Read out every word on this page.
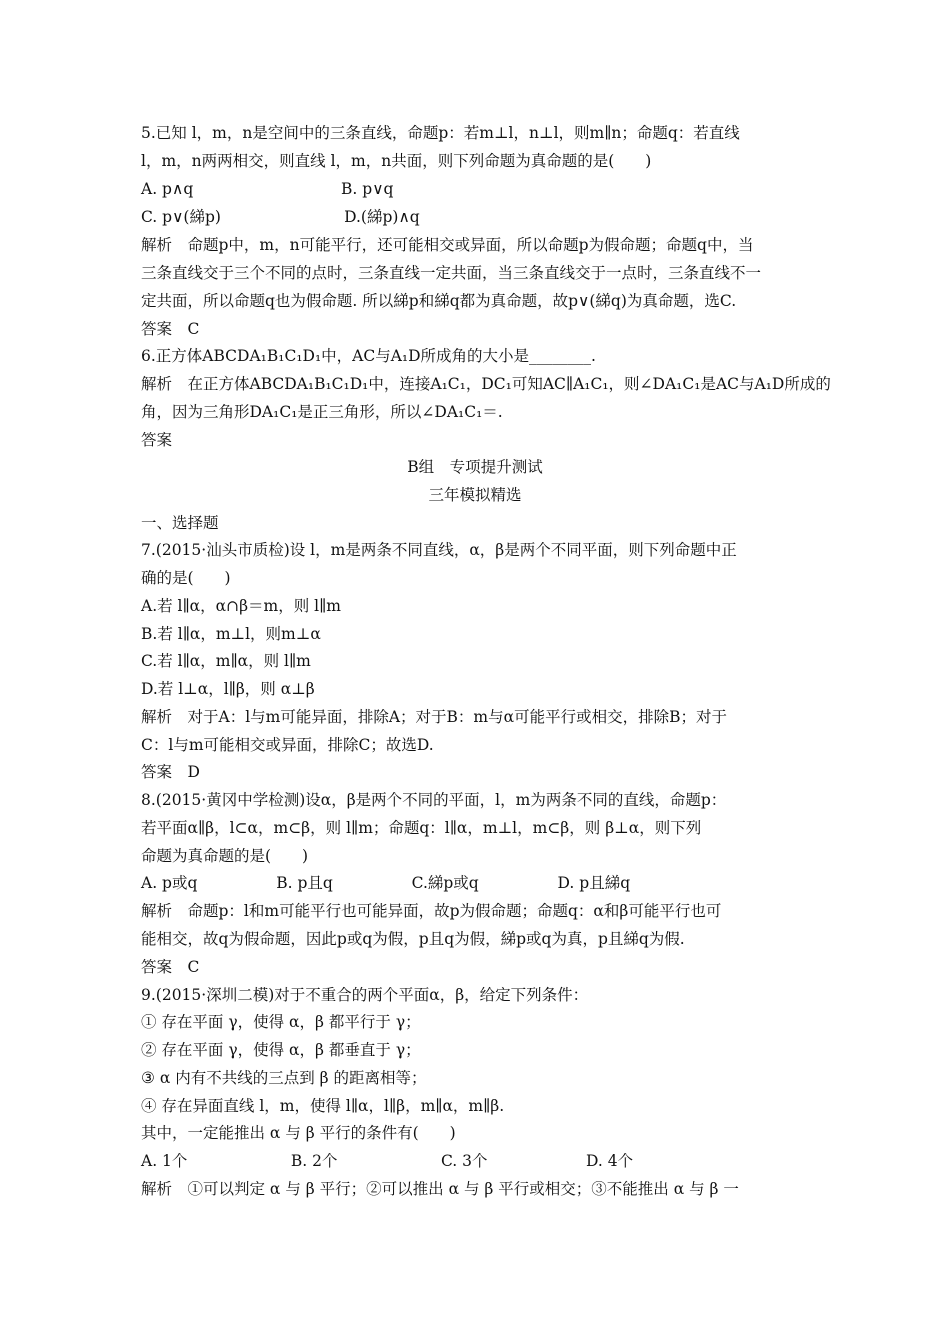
5.已知 l，m，n是空间中的三条直线，命题p：若m⊥l，n⊥l，则m∥n；命题q：若直线
l，m，n两两相交，则直线 l，m，n共面，则下列命题为真命题的是(　　)
A. p∧q                              B. p∨q
C. p∨(綈p)                         D.(綈p)∧q
解析　命题p中，m，n可能平行，还可能相交或异面，所以命题p为假命题；命题q中，当
三条直线交于三个不同的点时，三条直线一定共面，当三条直线交于一点时，三条直线不一
定共面，所以命题q也为假命题. 所以綈p和綈q都为真命题，故p∨(綈q)为真命题，选C.
答案　C
6.正方体ABCDA₁B₁C₁D₁中，AC与A₁D所成角的大小是________.
解析　在正方体ABCDA₁B₁C₁D₁中，连接A₁C₁，DC₁可知AC∥A₁C₁，则∠DA₁C₁是AC与A₁D所成的
角，因为三角形DA₁C₁是正三角形，所以∠DA₁C₁＝.
答案
B组　专项提升测试
三年模拟精选
一、选择题
7.(2015·汕头市质检)设 l，m是两条不同直线，α，β是两个不同平面，则下列命题中正
确的是(　　)
A.若 l∥α，α∩β＝m，则 l∥m
B.若 l∥α，m⊥l，则m⊥α
C.若 l∥α，m∥α，则 l∥m
D.若 l⊥α，l∥β，则 α⊥β
解析　对于A：l与m可能异面，排除A；对于B：m与α可能平行或相交，排除B；对于
C：l与m可能相交或异面，排除C；故选D.
答案　D
8.(2015·黄冈中学检测)设α，β是两个不同的平面，l，m为两条不同的直线，命题p：
若平面α∥β，l⊂α，m⊂β，则 l∥m；命题q：l∥α，m⊥l，m⊂β，则 β⊥α，则下列
命题为真命题的是(　　)
A. p或q                B. p且q                C.綈p或q                D. p且綈q
解析　命题p：l和m可能平行也可能异面，故p为假命题；命题q：α和β可能平行也可
能相交，故q为假命题，因此p或q为假，p且q为假，綈p或q为真，p且綈q为假.
答案　C
9.(2015·深圳二模)对于不重合的两个平面α，β，给定下列条件：
① 存在平面 γ，使得 α，β 都平行于 γ；
② 存在平面 γ，使得 α，β 都垂直于 γ；
③ α 内有不共线的三点到 β 的距离相等；
④ 存在异面直线 l，m，使得 l∥α，l∥β，m∥α，m∥β.
其中，一定能推出 α 与 β 平行的条件有(　　)
A. 1个                     B. 2个                     C. 3个                    D. 4个
解析　①可以判定 α 与 β 平行；②可以推出 α 与 β 平行或相交；③不能推出 α 与 β 一
